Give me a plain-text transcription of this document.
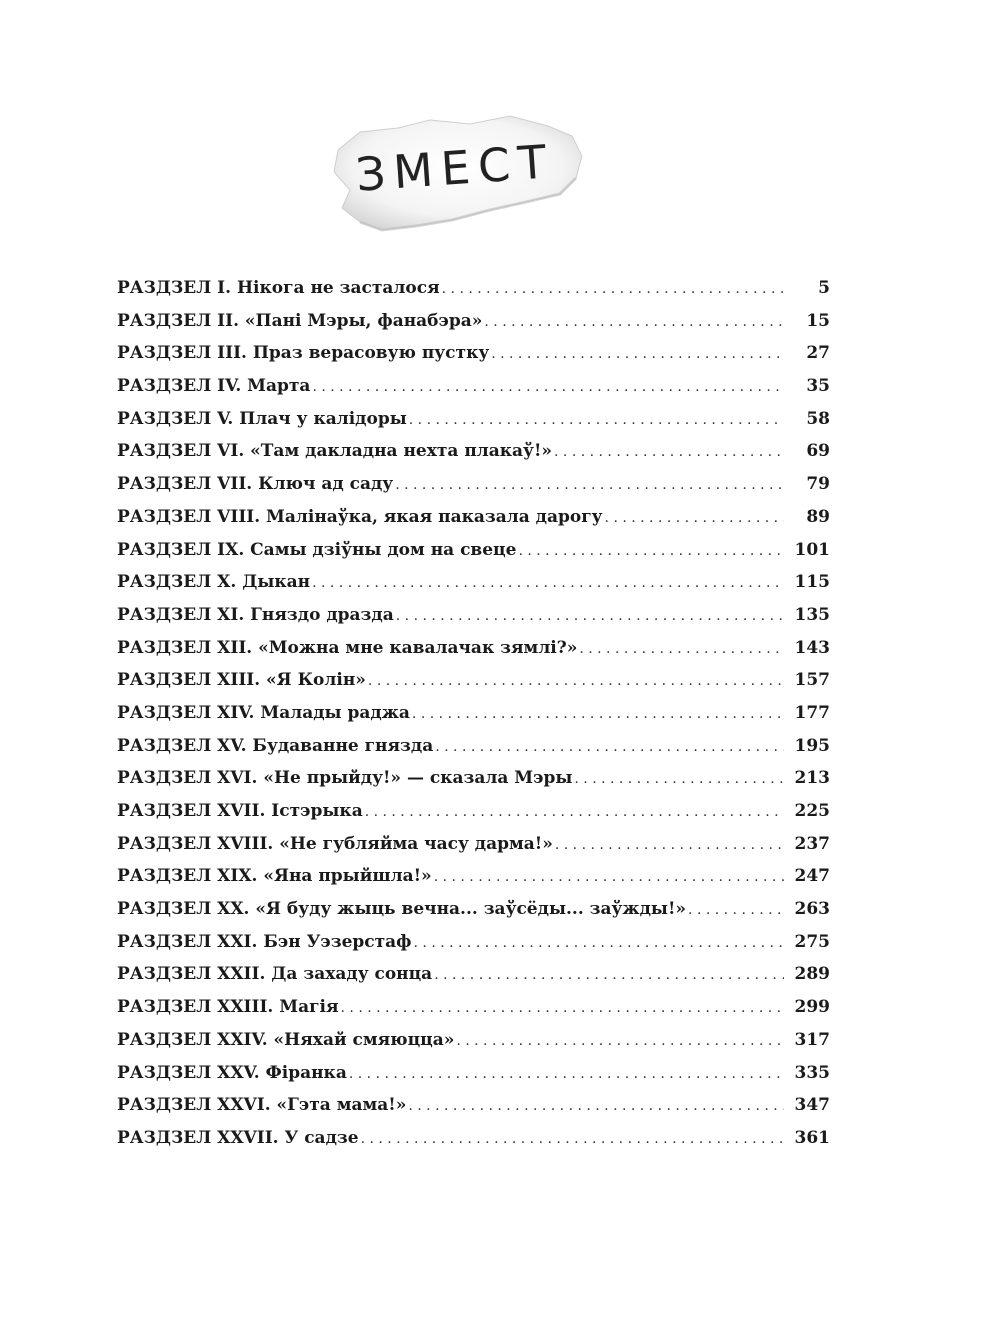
ЗМЕСТ
РАЗДЗЕЛ I. Нікога не засталося . . .	5
РАЗДЗЕЛ II. «Пані Мэры, фанабэра» . . .	15
РАЗДЗЕЛ III. Праз верасовую пустку . . .	27
РАЗДЗЕЛ IV. Марта . . .	35
РАЗДЗЕЛ V. Плач у калідоры . . .	58
РАЗДЗЕЛ VI. «Там дакладна нехта плакаў!» . . .	69
РАЗДЗЕЛ VII. Ключ ад саду . . .	79
РАЗДЗЕЛ VIII. Малінаўка, якая паказала дарогу . . .	89
РАЗДЗЕЛ IX. Самы дзіўны дом на свеце . . .	101
РАЗДЗЕЛ X. Дыкан . . .	115
РАЗДЗЕЛ XI. Гняздо дразда . . .	135
РАЗДЗЕЛ XII. «Можна мне кавалачак зямлі?» . . .	143
РАЗДЗЕЛ XIII. «Я Колін» . . .	157
РАЗДЗЕЛ XIV. Малады раджа . . .	177
РАЗДЗЕЛ XV. Будаванне гнязда . . .	195
РАЗДЗЕЛ XVI. «Не прыйду!» — сказала Мэры . . .	213
РАЗДЗЕЛ XVII. Істэрыка . . .	225
РАЗДЗЕЛ XVIII. «Не губляйма часу дарма!» . . .	237
РАЗДЗЕЛ XIX. «Яна прыйшла!» . . .	247
РАЗДЗЕЛ XX. «Я буду жыць вечна... заўсёды... заўжды!» . . .	263
РАЗДЗЕЛ XXI. Бэн Уэзерстаф . . .	275
РАЗДЗЕЛ XXII. Да захаду сонца . . .	289
РАЗДЗЕЛ XXIII. Магія . . .	299
РАЗДЗЕЛ XXIV. «Няхай смяюцца» . . .	317
РАЗДЗЕЛ XXV. Фіранка . . .	335
РАЗДЗЕЛ XXVI. «Гэта мама!» . . .	347
РАЗДЗЕЛ XXVII. У садзе . . .	361
